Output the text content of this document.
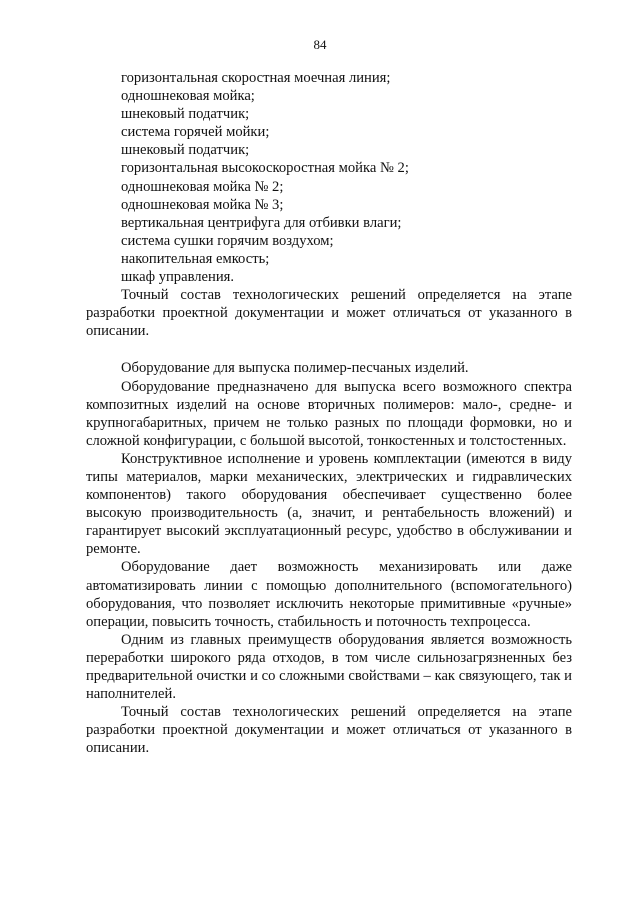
84

горизонтальная скоростная моечная линия;

одношнековая мойка;

шнековый податчик;

система горячей мойки;

шнековый податчик;

горизонтальная высокоскоростная мойка № 2;

одношнековая мойка № 2;

одношнековая мойка № 3;

вертикальная центрифуга для отбивки влаги;

система сушки горячим воздухом;

накопительная емкость;

шкаф управления.

Точный состав технологических решений определяется на этапе разработки проектной документации и может отличаться от указанного в описании.

Оборудование для выпуска полимер-песчаных изделий.

Оборудование предназначено для выпуска всего возможного спектра композитных изделий на основе вторичных полимеров: мало-, средне- и крупногабаритных, причем не только разных по площади формовки, но и сложной конфигурации, с большой высотой, тонкостенных и толстостенных.

Конструктивное исполнение и уровень комплектации (имеются в виду типы материалов, марки механических, электрических и гидравлических компонентов) такого оборудования обеспечивает существенно более высокую производительность (а, значит, и рентабельность вложений) и гарантирует высокий эксплуатационный ресурс, удобство в обслуживании и ремонте.

Оборудование дает возможность механизировать или даже автоматизировать линии с помощью дополнительного (вспомогательного) оборудования, что позволяет исключить некоторые примитивные «ручные» операции, повысить точность, стабильность и поточность техпроцесса.

Одним из главных преимуществ оборудования является возможность переработки широкого ряда отходов, в том числе сильнозагрязненных без предварительной очистки и со сложными свойствами – как связующего, так и наполнителей.

Точный состав технологических решений определяется на этапе разработки проектной документации и может отличаться от указанного в описании.
